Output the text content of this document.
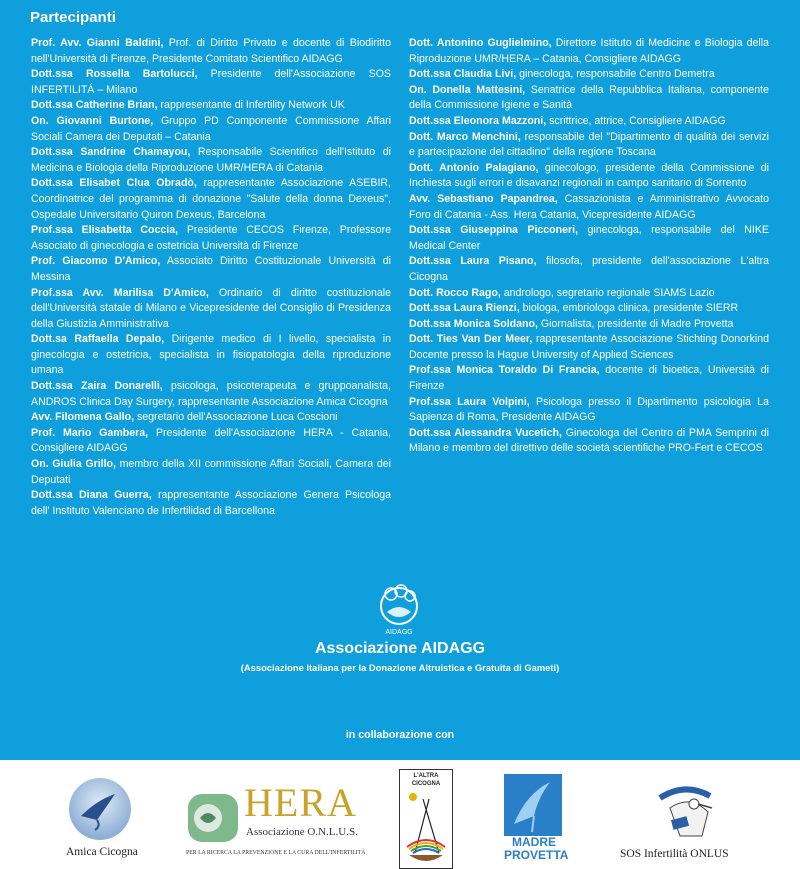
Partecipanti

Prof. Avv. Gianni Baldini, Prof. di Diritto Privato e docente di Biodiritto nell'Università di Firenze, Presidente Comitato Scientifico AIDAGG

Dott.ssa Rossella Bartolucci, Presidente dell'Associazione SOS INFERTILITÁ – Milano

Dott.ssa Catherine Brian, rappresentante di Infertility Network UK

On. Giovanni Burtone, Gruppo PD Componente Commissione Affari Sociali Camera dei Deputati – Catania

Dott.ssa Sandrine Chamayou, Responsabile Scientifico dell'Istituto di Medicina e Biologia della Riproduzione UMR/HERA di Catania

Dott.ssa Elisabet Clua Obradò, rappresentante Associazione ASEBIR, Coordinatrice del programma di donazione "Salute della donna Dexeus", Ospedale Universitario Quiron Dexeus, Barcelona

Prof.ssa Elisabetta Coccia, Presidente CECOS Firenze, Professore Associato di ginecologia e ostetricia Università di Firenze

Prof. Giacomo D'Amico, Associato Diritto Costituzionale Università di Messina

Prof.ssa Avv. Marilisa D'Amico, Ordinario di diritto costituzionale dell'Università statale di Milano e Vicepresidente del Consiglio di Presidenza della Giustizia Amministrativa

Dott.sa Raffaella Depalo, Dirigente medico di I livello, specialista in ginecologia e ostetricia, specialista in fisiopatologia della riproduzione umana

Dott.ssa Zaira Donarelli, psicologa, psicoterapeuta e gruppoanalista, ANDROS Clinica Day Surgery, rappresentante Associazione Amica Cicogna

Avv. Filomena Gallo, segretario dell'Associazione Luca Coscioni

Prof. Mario Gambera, Presidente dell'Associazione HERA - Catania, Consigliere AIDAGG

On. Giulia Grillo, membro della XII commissione Affari Sociali, Camera dei Deputati

Dott.ssa Diana Guerra, rappresentante Associazione Genera Psicologa dell' Instituto Valenciano de Infertilidad di Barcellona

Dott. Antonino Guglielmino, Direttore Istituto di Medicine e Biologia della Riproduzione UMR/HERA – Catania, Consigliere AIDAGG

Dott.ssa Claudia Livi, ginecologa, responsabile Centro Demetra

On. Donella Mattesini, Senatrice della Repubblica Italiana, componente della Commissione Igiene e Sanità

Dott.ssa Eleonora Mazzoni, scrittrice, attrice, Consigliere AIDAGG

Dott. Marco Menchini, responsabile del "Dipartimento di qualità dei servizi e partecipazione del cittadino" della regione Toscana

Dott. Antonio Palagiano, ginecologo, presidente della Commissione di Inchiesta sugli errori e disavanzi regionali in campo sanitario di Sorrento

Avv. Sebastiano Papandrea, Cassazionista e Amministrativo Avvocato Foro di Catania - Ass. Hera Catania, Vicepresidente AIDAGG

Dott.ssa Giuseppina Picconeri, ginecologa, responsabile del NIKE Medical Center

Dott.ssa Laura Pisano, filosofa, presidente dell'associazione L'altra Cicogna

Dott. Rocco Rago, andrologo, segretario regionale SIAMS Lazio

Dott.ssa Laura Rienzi, biologa, embriologa clinica, presidente SIERR

Dott.ssa Monica Soldano, Giornalista, presidente di Madre Provetta

Dott. Ties Van Der Meer, rappresentante Associazione Stichting Donorkind Docente presso la Hague University of Applied Sciences

Prof.ssa Monica Toraldo Di Francia, docente di bioetica, Università di Firenze

Prof.ssa Laura Volpini, Psicologa presso il Dipartimento psicologia La Sapienza di Roma, Presidente AIDAGG

Dott.ssa Alessandra Vucetich, Ginecologa del Centro di PMA Semprini di Milano e membro del direttivo delle società scientifiche PRO-Fert e CECOS

AIDAGG
Associazione AIDAGG
(Associazione Italiana per la Donazione Altruistica e Gratuita di Gameti)
in collaborazione con
Amica Cicogna
HERA
Associazione O.N.L.U.S.
PER LA RICERCA LA PREVENZIONE E LA CURA DELL'INFERTILITÀ
L'ALTRA CICOGNA
MADRE
PROVETTA	SOS Infertilità ONLUS
